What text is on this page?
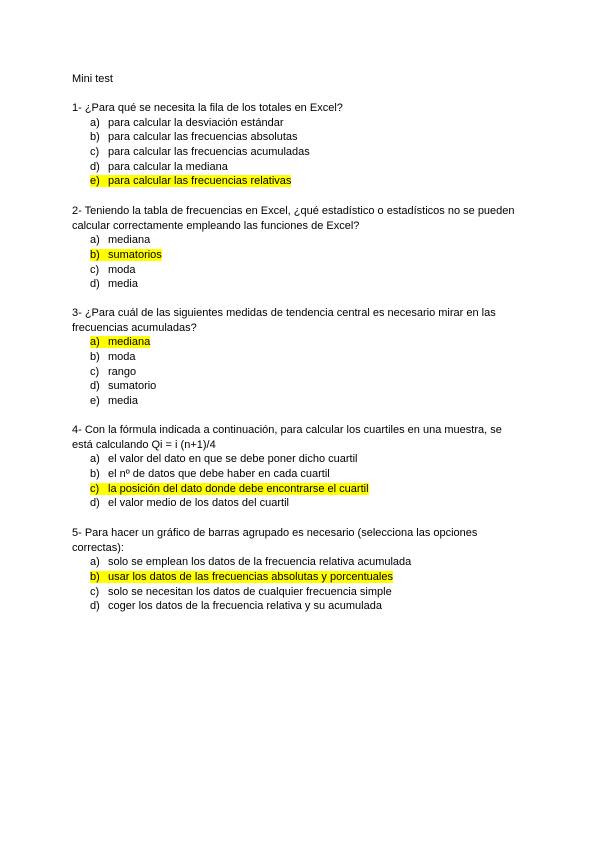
Mini test
1- ¿Para qué se necesita la fila de los totales en Excel?
a) para calcular la desviación estándar
b) para calcular las frecuencias absolutas
c) para calcular las frecuencias acumuladas
d) para calcular la mediana
e) para calcular las frecuencias relativas
2- Teniendo la tabla de frecuencias en Excel, ¿qué estadístico o estadísticos no se pueden
calcular correctamente empleando las funciones de Excel?
a) mediana
b) sumatorios
c) moda
d) media
3- ¿Para cuál de las siguientes medidas de tendencia central es necesario mirar en las
frecuencias acumuladas?
a) mediana
b) moda
c) rango
d) sumatorio
e) media
4- Con la fórmula indicada a continuación, para calcular los cuartiles en una muestra, se
está calculando Qi = i (n+1)/4
a) el valor del dato en que se debe poner dicho cuartil
b) el nº de datos que debe haber en cada cuartil
c) la posición del dato donde debe encontrarse el cuartil
d) el valor medio de los datos del cuartil
5- Para hacer un gráfico de barras agrupado es necesario (selecciona las opciones
correctas):
a) solo se emplean los datos de la frecuencia relativa acumulada
b) usar los datos de las frecuencias absolutas y porcentuales
c) solo se necesitan los datos de cualquier frecuencia simple
d) coger los datos de la frecuencia relativa y su acumulada
